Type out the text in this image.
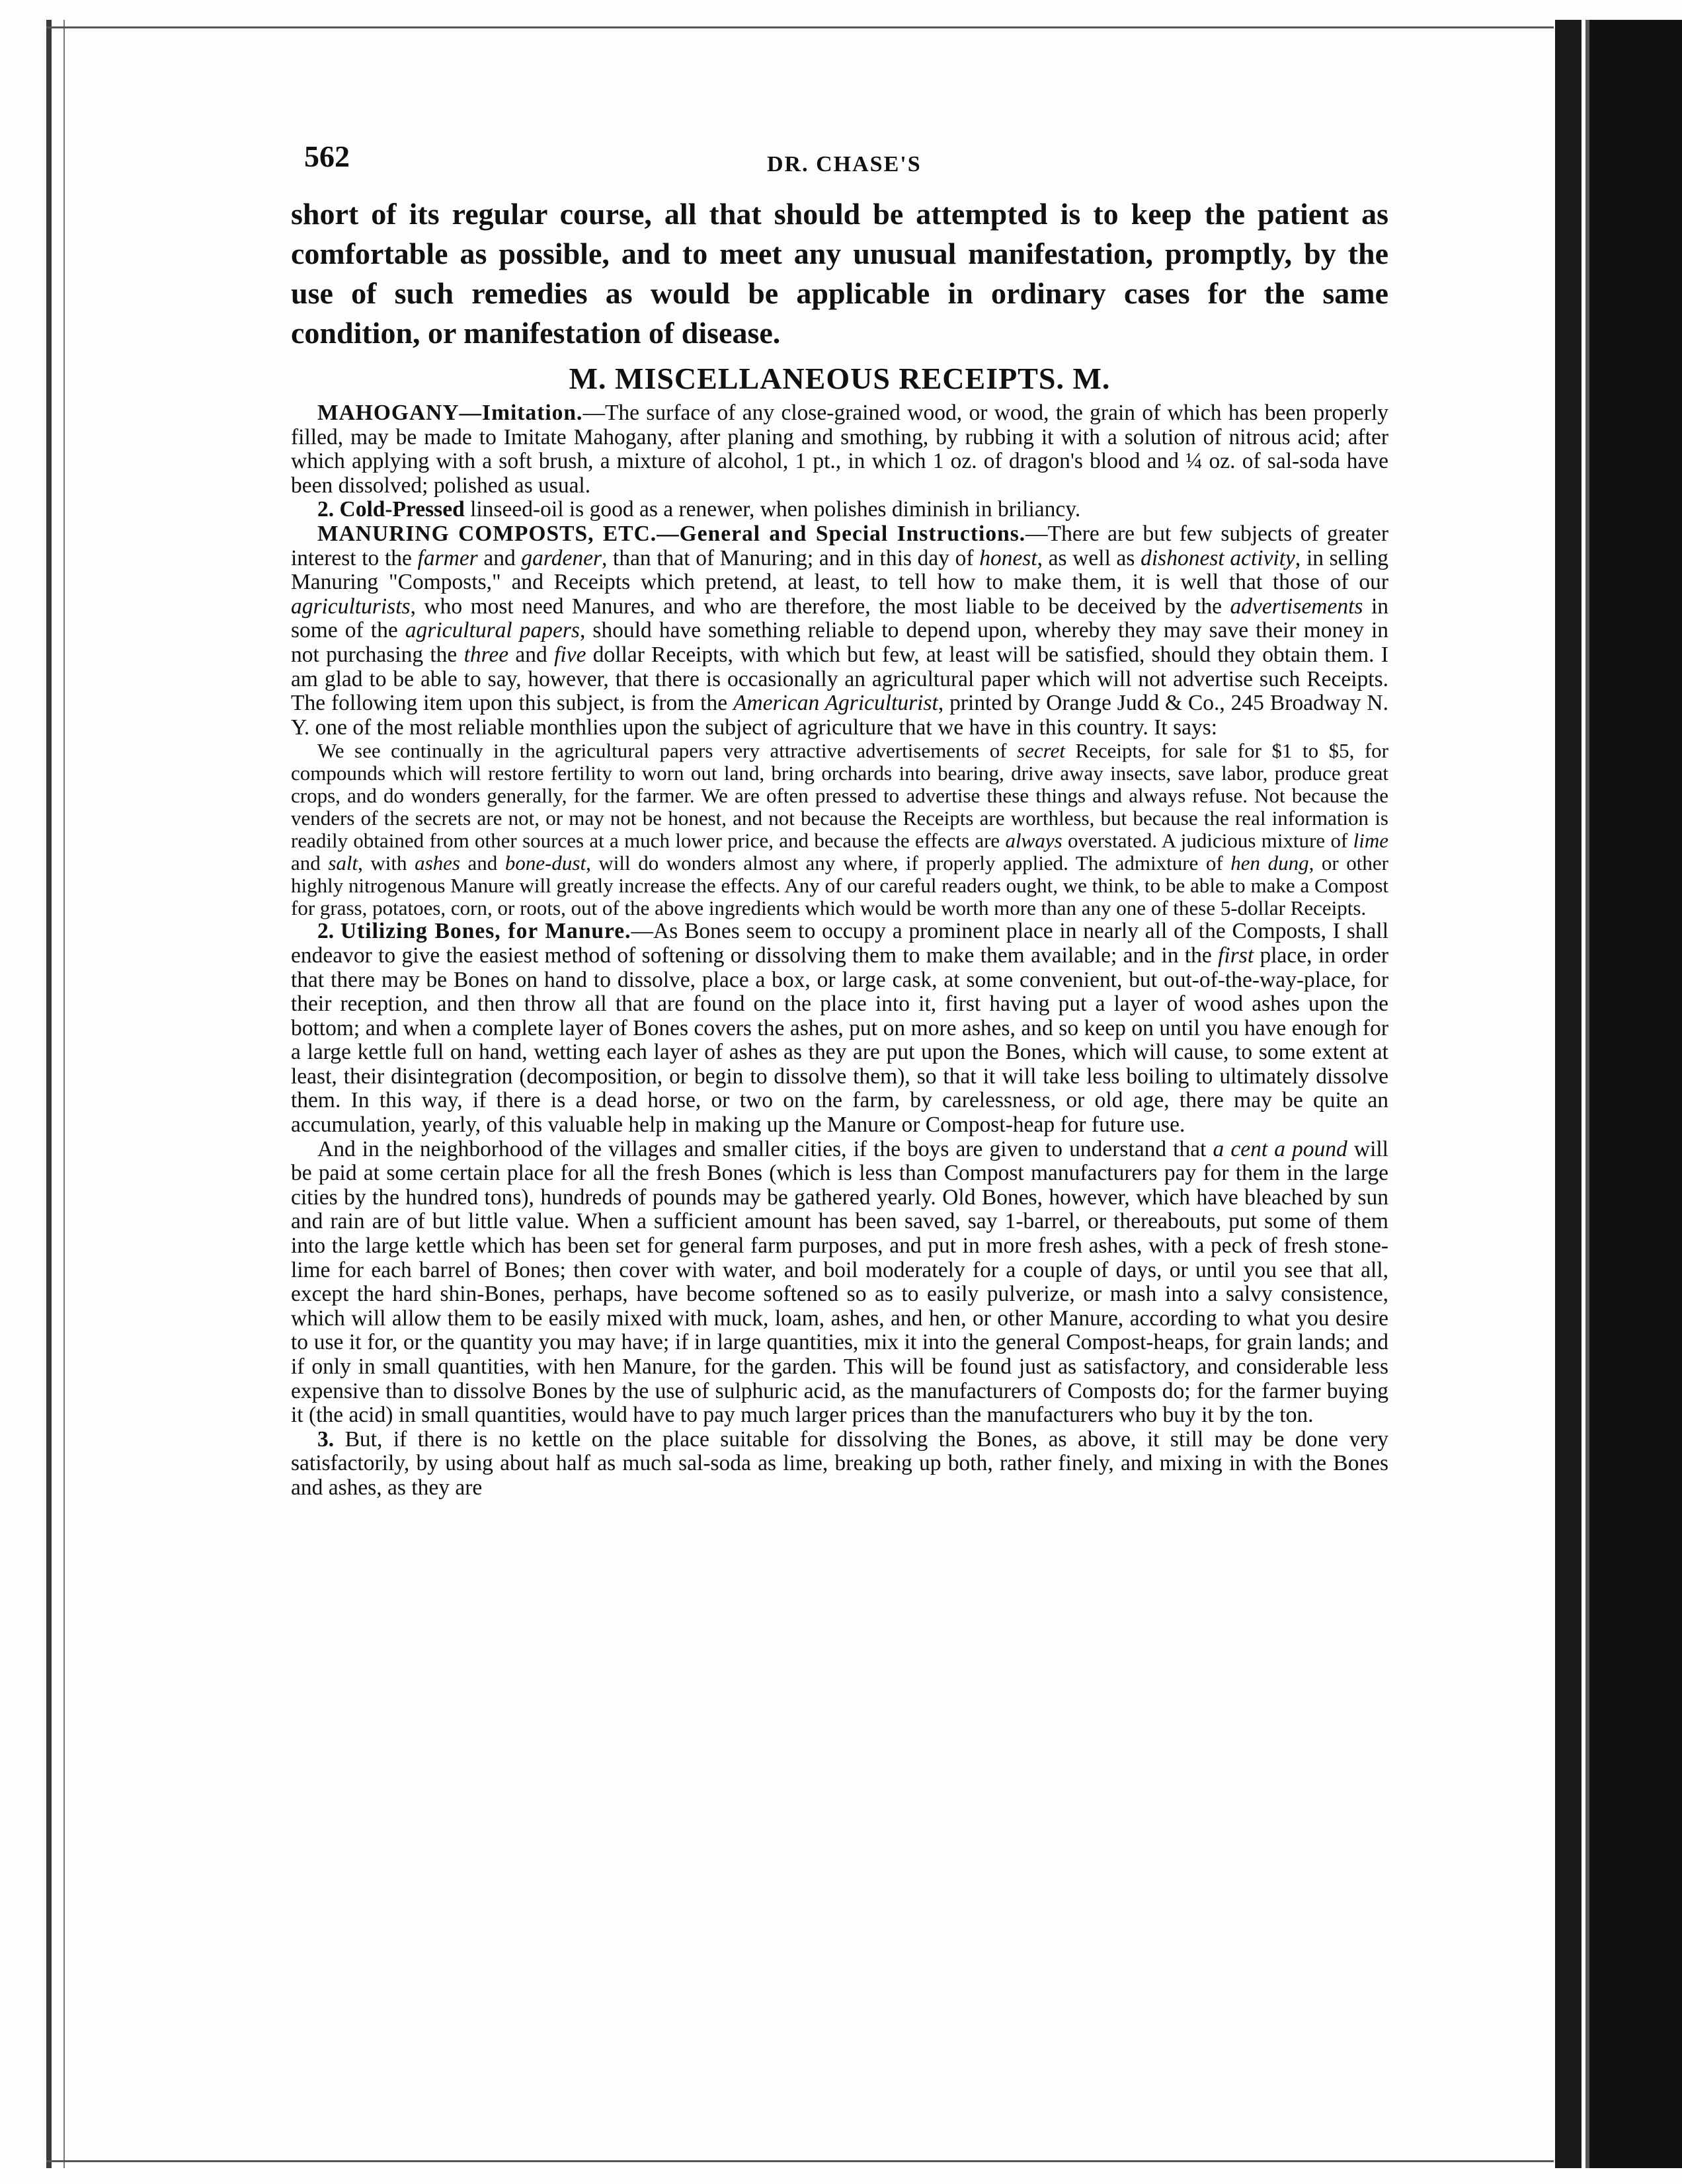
562	DR. CHASE'S

short of its regular course, all that should be attempted is to keep the patient as comfortable as possible, and to meet any unusual manifestation, promptly, by the use of such remedies as would be applicable in ordinary cases for the same condition, or manifestation of disease.

M. MISCELLANEOUS RECEIPTS. M.

MAHOGANY—Imitation.—The surface of any close-grained wood, or wood, the grain of which has been properly filled, may be made to Imitate Mahogany, after planing and smothing, by rubbing it with a solution of nitrous acid; after which applying with a soft brush, a mixture of alcohol, 1 pt., in which 1 oz. of dragon's blood and ¼ oz. of sal-soda have been dissolved; polished as usual.

2. Cold-Pressed linseed-oil is good as a renewer, when polishes diminish in briliancy.

MANURING COMPOSTS, ETC.—General and Special Instructions.—There are but few subjects of greater interest to the farmer and gardener, than that of Manuring; and in this day of honest, as well as dishonest activity, in selling Manuring "Composts," and Receipts which pretend, at least, to tell how to make them, it is well that those of our agriculturists, who most need Manures, and who are therefore, the most liable to be deceived by the advertisements in some of the agricultural papers, should have something reliable to depend upon, whereby they may save their money in not purchasing the three and five dollar Receipts, with which but few, at least will be satisfied, should they obtain them. I am glad to be able to say, however, that there is occasionally an agricultural paper which will not advertise such Receipts. The following item upon this subject, is from the American Agriculturist, printed by Orange Judd & Co., 245 Broadway N. Y. one of the most reliable monthlies upon the subject of agriculture that we have in this country. It says:

We see continually in the agricultural papers very attractive advertisements of secret Receipts, for sale for $1 to $5, for compounds which will restore fertility to worn out land, bring orchards into bearing, drive away insects, save labor, produce great crops, and do wonders generally, for the farmer. We are often pressed to advertise these things and always refuse. Not because the venders of the secrets are not, or may not be honest, and not because the Receipts are worthless, but because the real information is readily obtained from other sources at a much lower price, and because the effects are always overstated. A judicious mixture of lime and salt, with ashes and bone-dust, will do wonders almost any where, if properly applied. The admixture of hen dung, or other highly nitrogenous Manure will greatly increase the effects. Any of our careful readers ought, we think, to be able to make a Compost for grass, potatoes, corn, or roots, out of the above ingredients which would be worth more than any one of these 5-dollar Receipts.

2. Utilizing Bones, for Manure.—As Bones seem to occupy a prominent place in nearly all of the Composts, I shall endeavor to give the easiest method of softening or dissolving them to make them available; and in the first place, in order that there may be Bones on hand to dissolve, place a box, or large cask, at some convenient, but out-of-the-way-place, for their reception, and then throw all that are found on the place into it, first having put a layer of wood ashes upon the bottom; and when a complete layer of Bones covers the ashes, put on more ashes, and so keep on until you have enough for a large kettle full on hand, wetting each layer of ashes as they are put upon the Bones, which will cause, to some extent at least, their disintegration (decomposition, or begin to dissolve them), so that it will take less boiling to ultimately dissolve them. In this way, if there is a dead horse, or two on the farm, by carelessness, or old age, there may be quite an accumulation, yearly, of this valuable help in making up the Manure or Compost-heap for future use.

And in the neighborhood of the villages and smaller cities, if the boys are given to understand that a cent a pound will be paid at some certain place for all the fresh Bones (which is less than Compost manufacturers pay for them in the large cities by the hundred tons), hundreds of pounds may be gathered yearly. Old Bones, however, which have bleached by sun and rain are of but little value. When a sufficient amount has been saved, say 1-barrel, or thereabouts, put some of them into the large kettle which has been set for general farm purposes, and put in more fresh ashes, with a peck of fresh stone-lime for each barrel of Bones; then cover with water, and boil moderately for a couple of days, or until you see that all, except the hard shin-Bones, perhaps, have become softened so as to easily pulverize, or mash into a salvy consistence, which will allow them to be easily mixed with muck, loam, ashes, and hen, or other Manure, according to what you desire to use it for, or the quantity you may have; if in large quantities, mix it into the general Compost-heaps, for grain lands; and if only in small quantities, with hen Manure, for the garden. This will be found just as satisfactory, and considerable less expensive than to dissolve Bones by the use of sulphuric acid, as the manufacturers of Composts do; for the farmer buying it (the acid) in small quantities, would have to pay much larger prices than the manufacturers who buy it by the ton.

3. But, if there is no kettle on the place suitable for dissolving the Bones, as above, it still may be done very satisfactorily, by using about half as much sal-soda as lime, breaking up both, rather finely, and mixing in with the Bones and ashes, as they are
